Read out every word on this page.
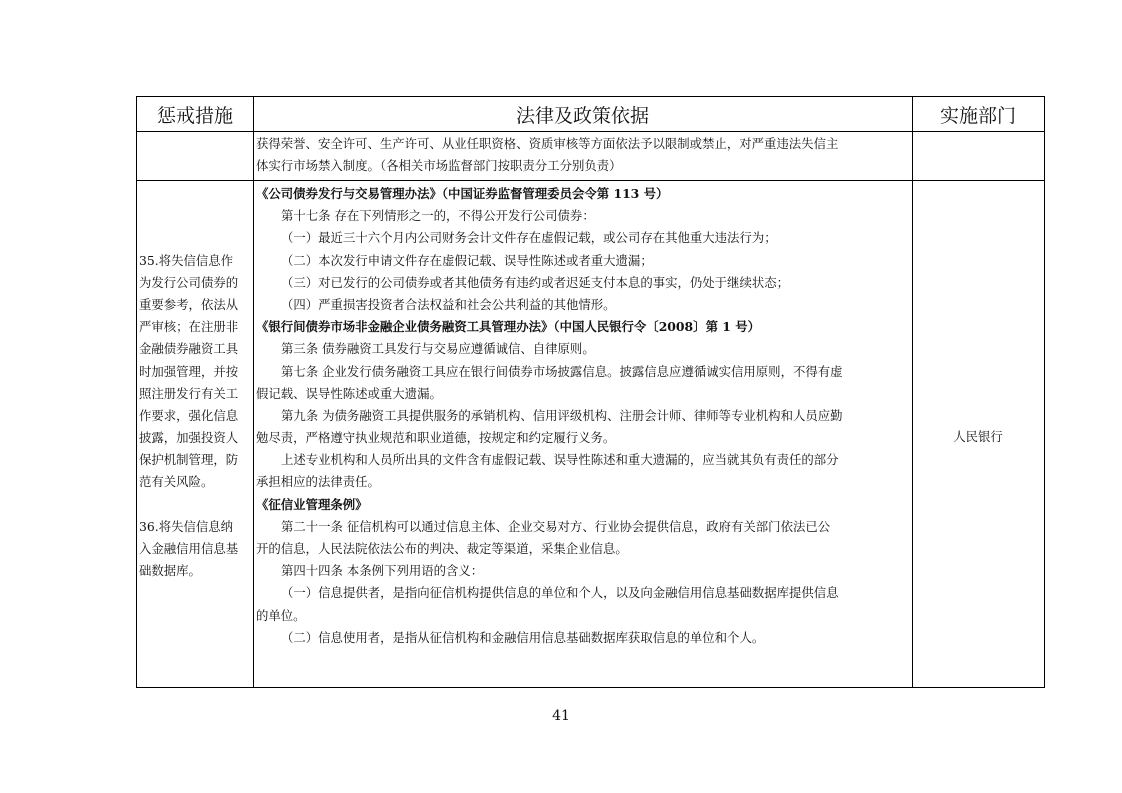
惩戒措施	法律及政策依据	实施部门
获得荣誉、安全许可、生产许可、从业任职资格、资质审核等方面依法予以限制或禁止，对严重违法失信主
体实行市场禁入制度。（各相关市场监督部门按职责分工分别负责）
35.将失信信息作
为发行公司债券的
重要参考，依法从
严审核；在注册非
金融债券融资工具
时加强管理，并按
照注册发行有关工
作要求，强化信息
披露，加强投资人
保护机制管理，防
范有关风险。
36.将失信信息纳
入金融信用信息基
础数据库。
《公司债券发行与交易管理办法》（中国证券监督管理委员会令第 113 号）
第十七条 存在下列情形之一的，不得公开发行公司债券：
（一）最近三十六个月内公司财务会计文件存在虚假记载，或公司存在其他重大违法行为；
（二）本次发行申请文件存在虚假记载、误导性陈述或者重大遗漏；
（三）对已发行的公司债券或者其他债务有违约或者迟延支付本息的事实，仍处于继续状态；
（四）严重损害投资者合法权益和社会公共利益的其他情形。
《银行间债券市场非金融企业债务融资工具管理办法》（中国人民银行令〔2008〕第 1 号）
第三条 债券融资工具发行与交易应遵循诚信、自律原则。
第七条 企业发行债务融资工具应在银行间债券市场披露信息。披露信息应遵循诚实信用原则，不得有虚
假记载、误导性陈述或重大遗漏。
第九条 为债务融资工具提供服务的承销机构、信用评级机构、注册会计师、律师等专业机构和人员应勤
勉尽责，严格遵守执业规范和职业道德，按规定和约定履行义务。
上述专业机构和人员所出具的文件含有虚假记载、误导性陈述和重大遗漏的，应当就其负有责任的部分
承担相应的法律责任。
《征信业管理条例》
第二十一条 征信机构可以通过信息主体、企业交易对方、行业协会提供信息，政府有关部门依法已公
开的信息，人民法院依法公布的判决、裁定等渠道，采集企业信息。
第四十四条 本条例下列用语的含义：
（一）信息提供者，是指向征信机构提供信息的单位和个人，以及向金融信用信息基础数据库提供信息
的单位。
（二）信息使用者，是指从征信机构和金融信用信息基础数据库获取信息的单位和个人。
人民银行
41
